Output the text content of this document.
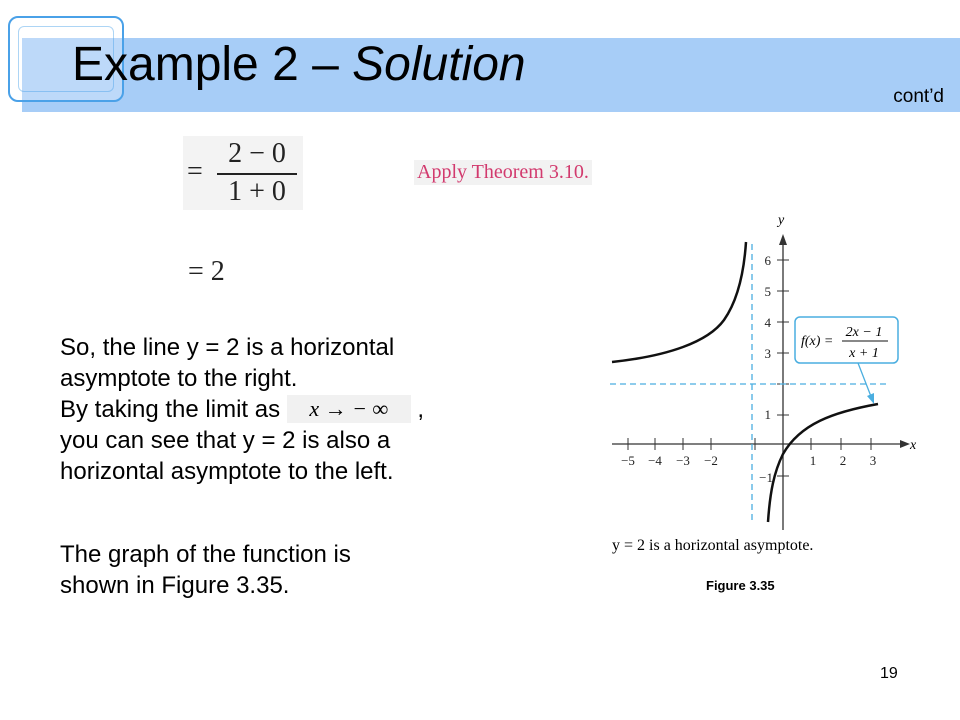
Example 2 – Solution
cont’d
=
2 − 0
1 + 0
Apply Theorem 3.10.
= 2
So, the line y = 2 is a horizontal
asymptote to the right.
By taking the limit as x → − ∞ ,
you can see that y = 2 is also a
horizontal asymptote to the left.
The graph of the function is
shown in Figure 3.35.
x
y
−5 −4 −3 −2	1 2 3
6
5
4
3
1
−1
f(x) =
2x − 1
x + 1
y = 2 is a horizontal asymptote.
Figure 3.35
19
